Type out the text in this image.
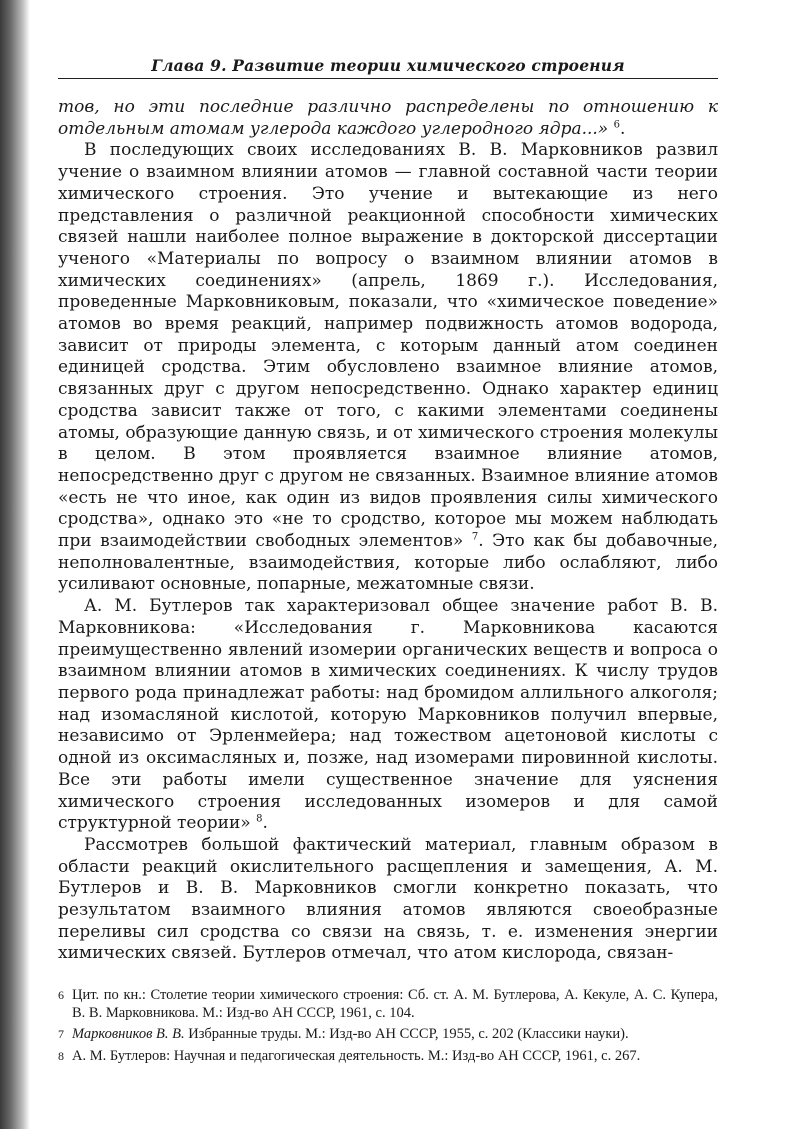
Глава 9. Развитие теории химического строения

тов, но эти последние различно распределены по отношению к отдельным атомам углерода каждого углеродного ядра...» $^6$.

В последующих своих исследованиях В. В. Марковников развил учение о взаимном влиянии атомов — главной составной части теории химического строения. Это учение и вытекающие из него представления о различной реакционной способности химических связей нашли наиболее полное выражение в докторской диссертации ученого «Материалы по вопросу о взаимном влиянии атомов в химических соединениях» (апрель, 1869 г.). Исследования, проведенные Марковниковым, показали, что «химическое поведение» атомов во время реакций, например подвижность атомов водорода, зависит от природы элемента, с которым данный атом соединен единицей сродства. Этим обусловлено взаимное влияние атомов, связанных друг с другом непосредственно. Однако характер единиц сродства зависит также от того, с какими элементами соединены атомы, образующие данную связь, и от химического строения молекулы в целом. В этом проявляется взаимное влияние атомов, непосредственно друг с другом не связанных. Взаимное влияние атомов «есть не что иное, как один из видов проявления силы химического сродства», однако это «не то сродство, которое мы можем наблюдать при взаимодействии свободных элементов» $^7$. Это как бы добавочные, неполновалентные, взаимодействия, которые либо ослабляют, либо усиливают основные, попарные, межатомные связи.

А. М. Бутлеров так характеризовал общее значение работ В. В. Марковникова: «Исследования г. Марковникова касаются преимущественно явлений изомерии органических веществ и вопроса о взаимном влиянии атомов в химических соединениях. К числу трудов первого рода принадлежат работы: над бромидом аллильного алкоголя; над изомасляной кислотой, которую Марковников получил впервые, независимо от Эрленмейера; над тожеством ацетоновой кислоты с одной из оксимасляных и, позже, над изомерами пировинной кислоты. Все эти работы имели существенное значение для уяснения химического строения исследованных изомеров и для самой структурной теории» $^8$.

Рассмотрев большой фактический материал, главным образом в области реакций окислительного расщепления и замещения, А. М. Бутлеров и В. В. Марковников смогли конкретно показать, что результатом взаимного влияния атомов являются своеобразные переливы сил сродства со связи на связь, т. е. изменения энергии химических связей. Бутлеров отмечал, что атом кислорода, связан-

6 Цит. по кн.: Столетие теории химического строения: Сб. ст. А. М. Бутлерова, А. Кекуле, А. С. Купера, В. В. Марковникова. М.: Изд-во АН СССР, 1961, с. 104.
7 Марковников В. В. Избранные труды. М.: Изд-во АН СССР, 1955, с. 202 (Классики науки).
8 А. М. Бутлеров: Научная и педагогическая деятельность. М.: Изд-во АН СССР, 1961, с. 267.
